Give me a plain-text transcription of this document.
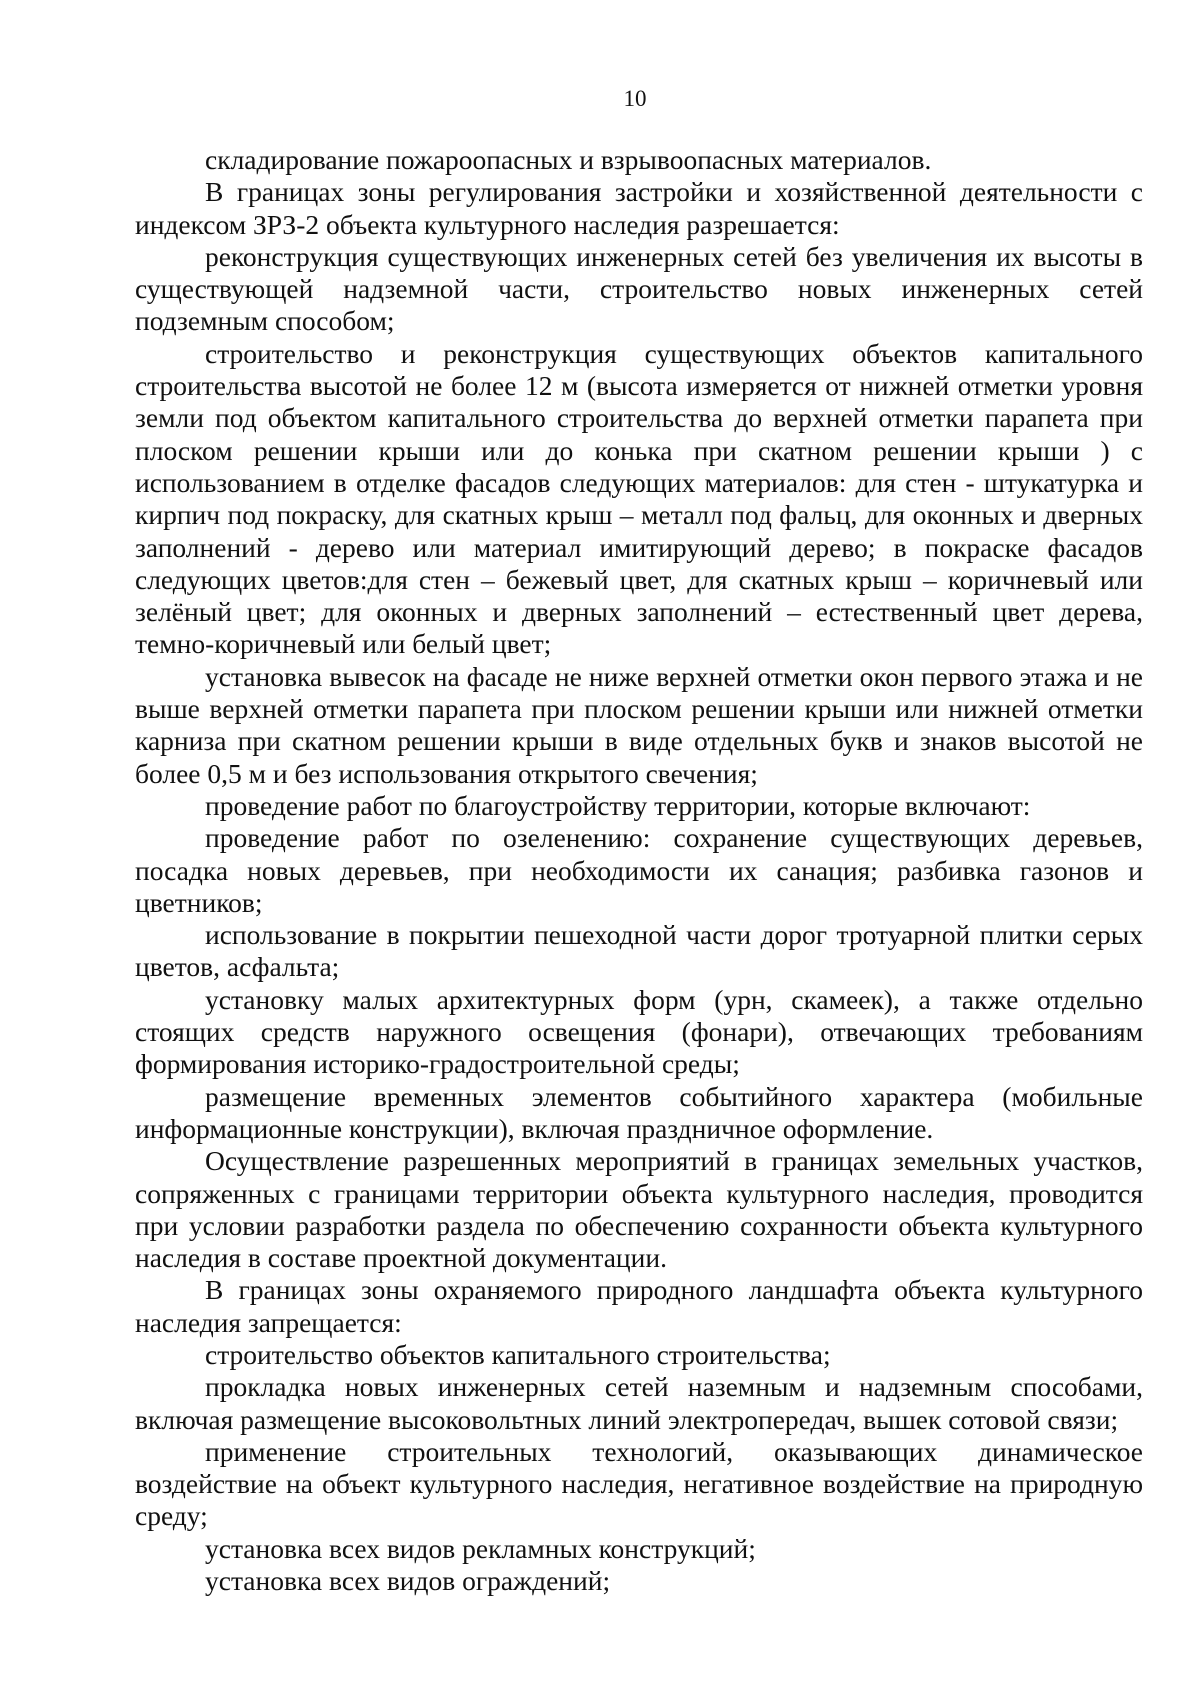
10

складирование пожароопасных и взрывоопасных материалов.

В границах зоны регулирования застройки и хозяйственной деятельности с индексом ЗРЗ-2 объекта культурного наследия разрешается:

реконструкция существующих инженерных сетей без увеличения их высоты в существующей надземной части, строительство новых инженерных сетей подземным способом;

строительство и реконструкция существующих объектов капитального строительства высотой не более 12 м (высота измеряется от нижней отметки уровня земли под объектом капитального строительства до верхней отметки парапета при плоском решении крыши или до конька при скатном решении крыши ) с использованием в отделке фасадов следующих материалов: для стен - штукатурка и кирпич под покраску, для скатных крыш – металл под фальц, для оконных и дверных заполнений - дерево или материал имитирующий дерево; в покраске фасадов следующих цветов:для стен – бежевый цвет, для скатных крыш – коричневый или зелёный цвет; для оконных и дверных заполнений – естественный цвет дерева, темно-коричневый или белый цвет;

установка вывесок на фасаде не ниже верхней отметки окон первого этажа и не выше верхней отметки парапета при плоском решении крыши или нижней отметки карниза при скатном решении крыши в виде отдельных букв и знаков высотой не более 0,5 м и без использования открытого свечения;

проведение работ по благоустройству территории, которые включают:

проведение работ по озеленению: сохранение существующих деревьев, посадка новых деревьев, при необходимости их санация; разбивка газонов и цветников;

использование в покрытии пешеходной части дорог тротуарной плитки серых цветов, асфальта;

установку малых архитектурных форм (урн, скамеек), а также отдельно стоящих средств наружного освещения (фонари), отвечающих требованиям формирования историко-градостроительной среды;

размещение временных элементов событийного характера (мобильные информационные конструкции), включая праздничное оформление.

Осуществление разрешенных мероприятий в границах земельных участков, сопряженных с границами территории объекта культурного наследия, проводится при условии разработки раздела по обеспечению сохранности объекта культурного наследия в составе проектной документации.

В границах зоны охраняемого природного ландшафта объекта культурного наследия запрещается:

строительство объектов капитального строительства;

прокладка новых инженерных сетей наземным и надземным способами, включая размещение высоковольтных линий электропередач, вышек сотовой связи;

применение строительных технологий, оказывающих динамическое воздействие на объект культурного наследия, негативное воздействие на природную среду;

установка всех видов рекламных конструкций;

установка всех видов ограждений;
